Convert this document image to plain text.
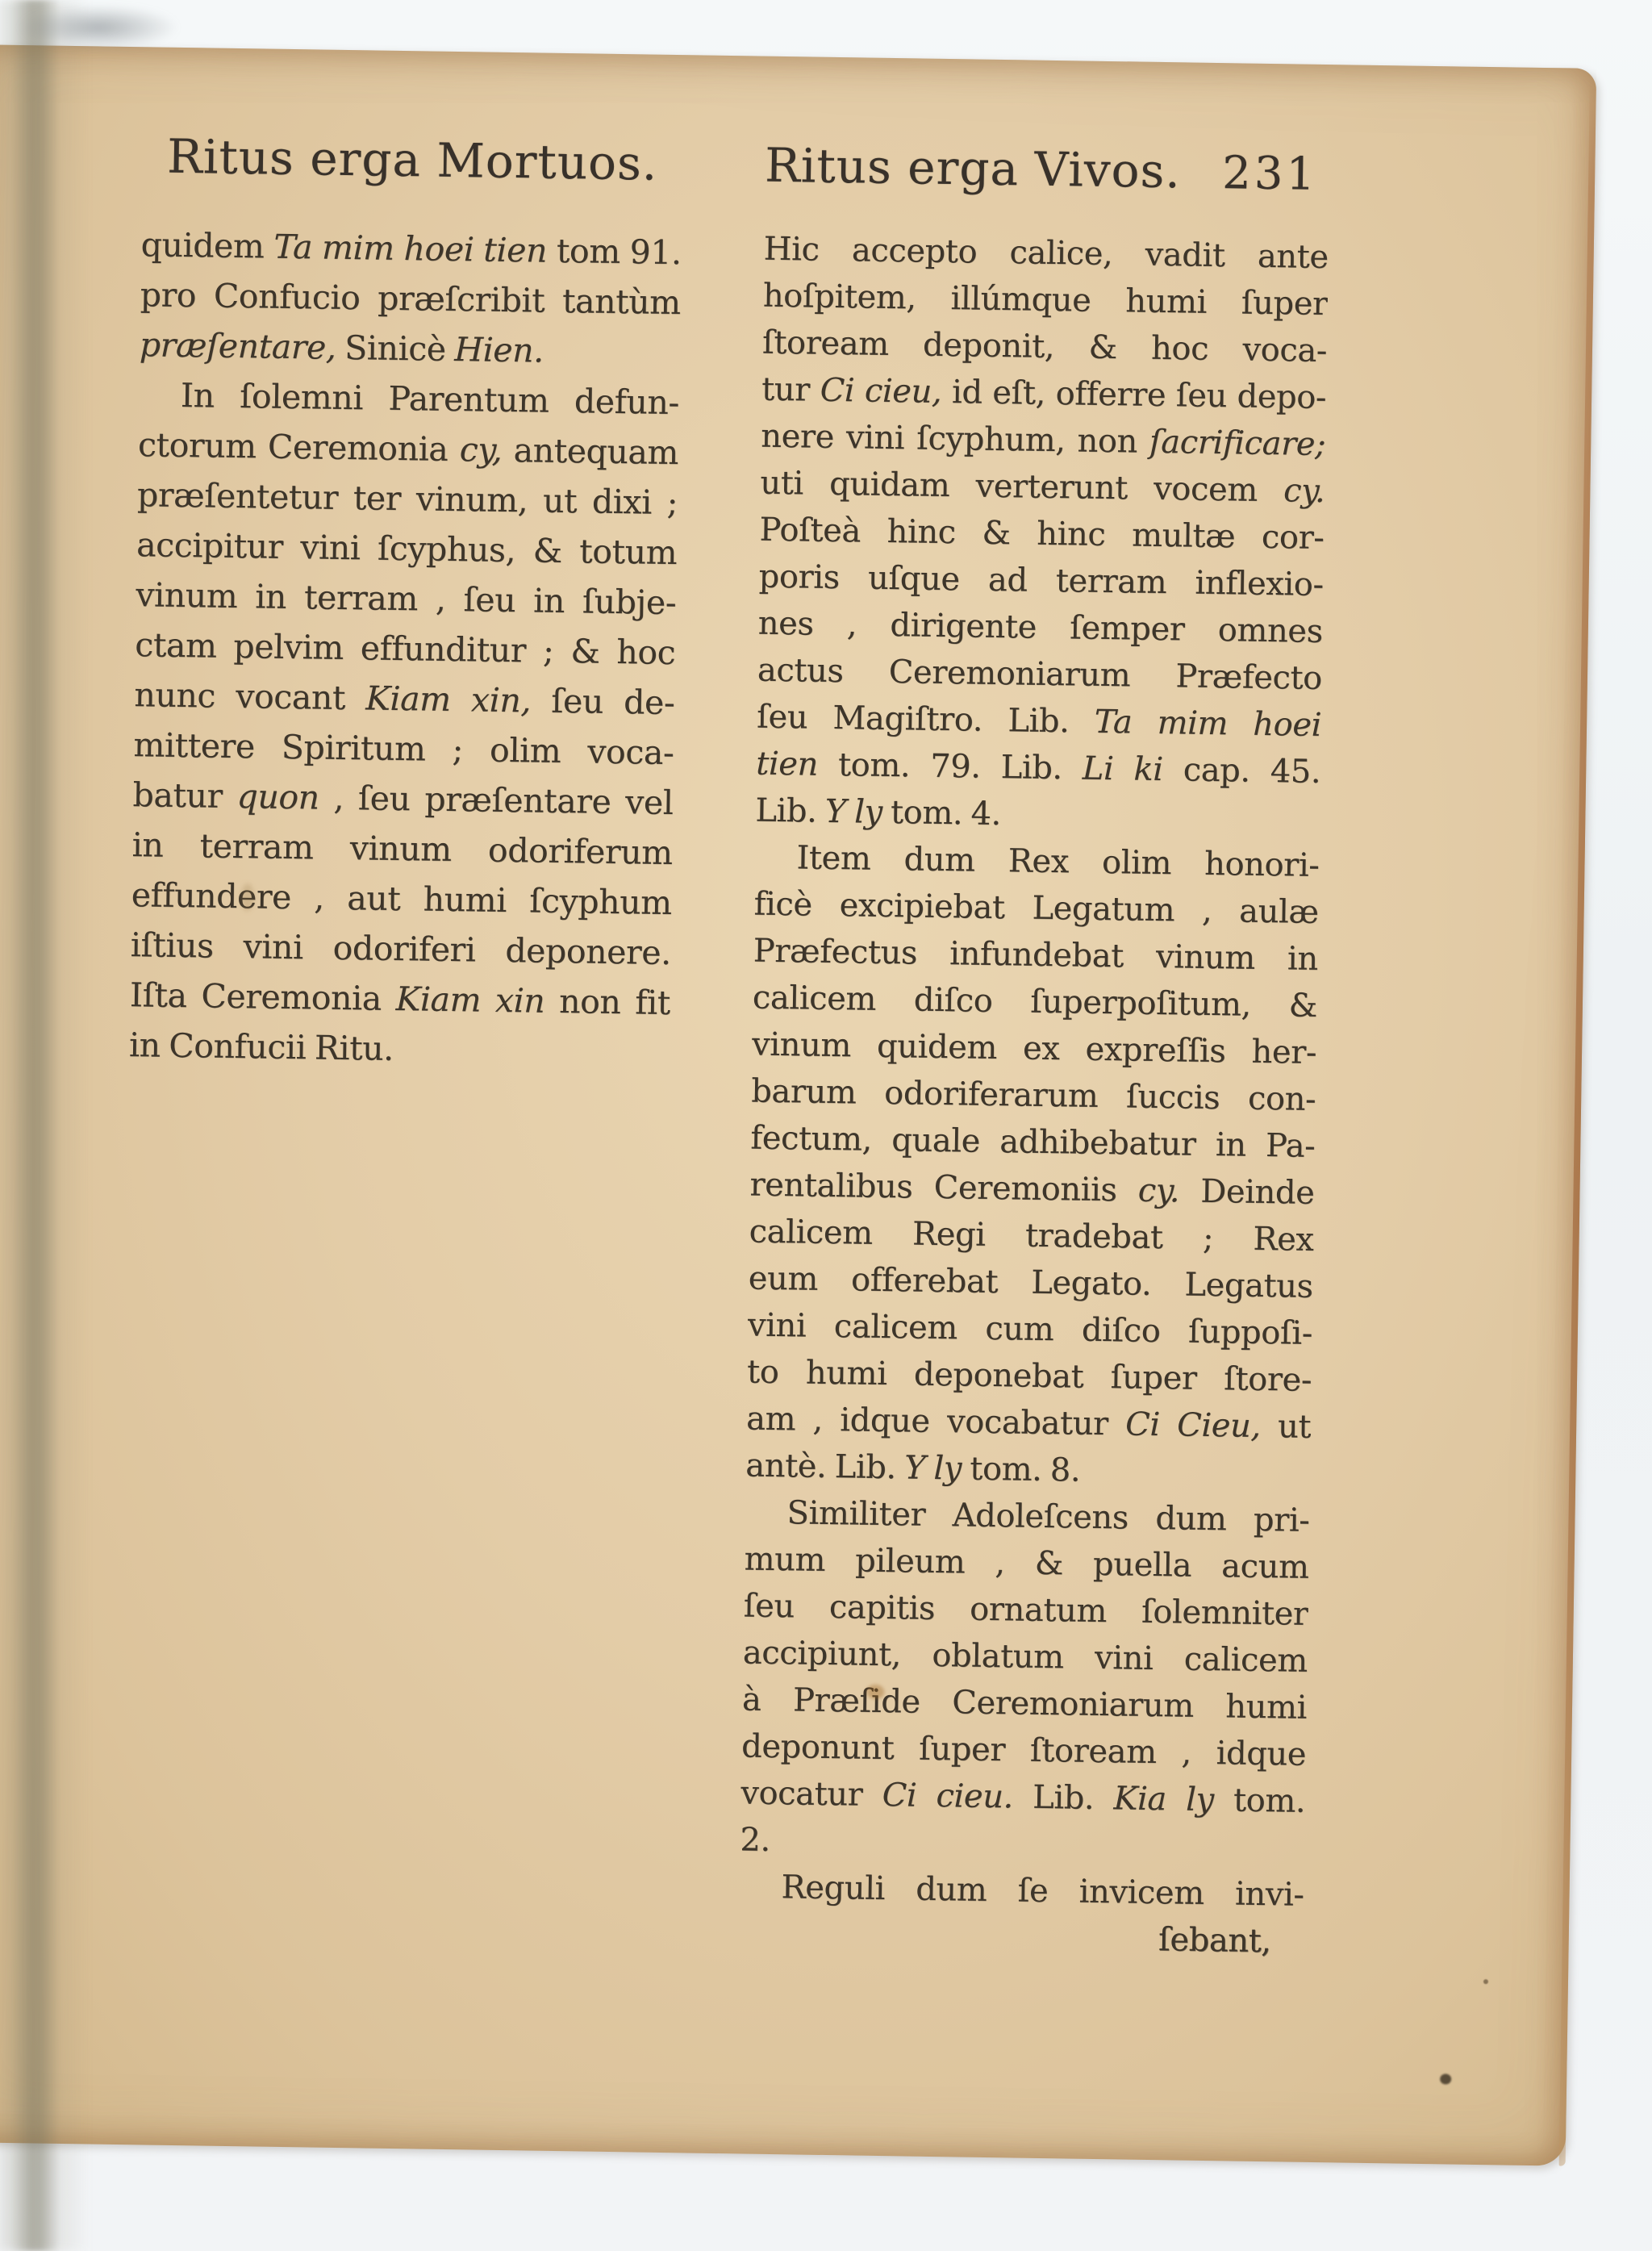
Ritus erga Mortuos.	Ritus erga Vivos. 231
quidem Ta mim hoei tien tom 91.
pro Confucio præſcribit tantùm
præſentare, Sinicè Hien.
In ſolemni Parentum defun-
ctorum Ceremonia cy, antequam
præſentetur ter vinum, ut dixi ;
accipitur vini ſcyphus, & totum
vinum in terram , ſeu in ſubje-
ctam pelvim effunditur ; & hoc
nunc vocant Kiam xin, ſeu de-
mittere Spiritum ; olim voca-
batur quon , ſeu præſentare vel
in terram vinum odoriferum
effundere , aut humi ſcyphum
iſtius vini odoriferi deponere.
Iſta Ceremonia Kiam xin non fit
in Confucii Ritu.
Hic accepto calice, vadit ante
hoſpitem, illúmque humi ſuper
ſtoream deponit, & hoc voca-
tur Ci cieu, id eſt, offerre ſeu depo-
nere vini ſcyphum, non ſacrificare;
uti quidam verterunt vocem cy.
Poſteà hinc & hinc multæ cor-
poris uſque ad terram inflexio-
nes , dirigente ſemper omnes
actus Ceremoniarum Præfecto
ſeu Magiſtro. Lib. Ta mim hoei
tien tom. 79. Lib. Li ki cap. 45.
Lib. Y ly tom. 4.
Item dum Rex olim honori-
ficè excipiebat Legatum , aulæ
Præfectus infundebat vinum in
calicem diſco ſuperpoſitum, &
vinum quidem ex expreſſis her-
barum odoriferarum ſuccis con-
fectum, quale adhibebatur in Pa-
rentalibus Ceremoniis cy. Deinde
calicem Regi tradebat ; Rex
eum offerebat Legato. Legatus
vini calicem cum diſco ſuppoſi-
to humi deponebat ſuper ſtore-
am , idque vocabatur Ci Cieu, ut
antè. Lib. Y ly tom. 8.
Similiter Adoleſcens dum pri-
mum pileum , & puella acum
ſeu capitis ornatum ſolemniter
accipiunt, oblatum vini calicem
à Præſide Ceremoniarum humi
deponunt ſuper ſtoream , idque
vocatur Ci cieu. Lib. Kia ly tom.
2.
Reguli dum ſe invicem invi-
ſebant,
